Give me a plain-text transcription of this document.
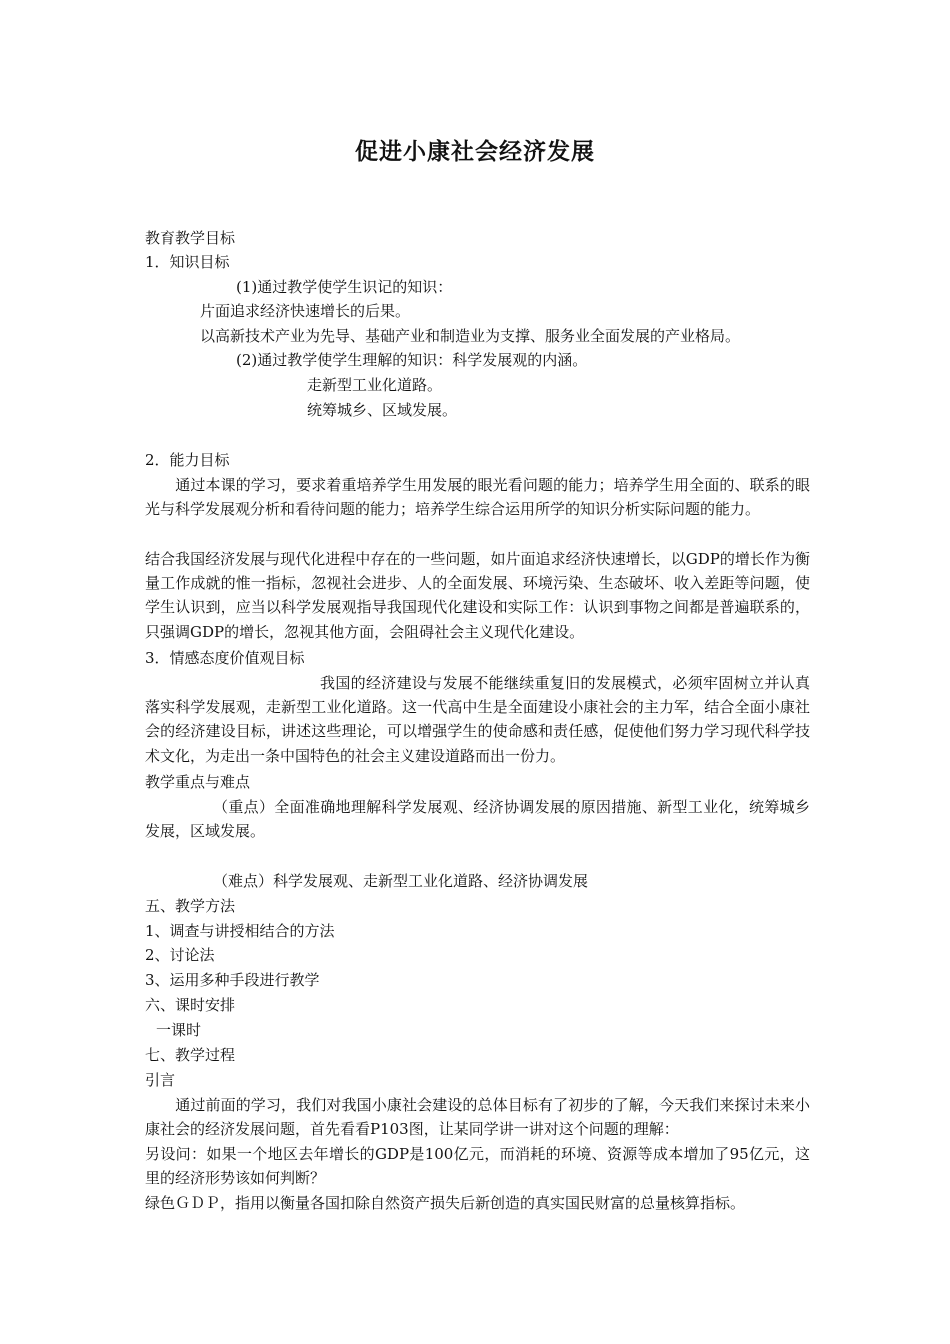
促进小康社会经济发展
教育教学目标
1．知识目标
(1)通过教学使学生识记的知识：
片面追求经济快速增长的后果。
以高新技术产业为先导、基础产业和制造业为支撑、服务业全面发展的产业格局。
(2)通过教学使学生理解的知识：科学发展观的内涵。
走新型工业化道路。
统筹城乡、区域发展。
2．能力目标
　　通过本课的学习，要求着重培养学生用发展的眼光看问题的能力；培养学生用全面的、联系的眼光与科学发展观分析和看待问题的能力；培养学生综合运用所学的知识分析实际问题的能力。
结合我国经济发展与现代化进程中存在的一些问题，如片面追求经济快速增长，以GDP的增长作为衡量工作成就的惟一指标，忽视社会进步、人的全面发展、环境污染、生态破坏、收入差距等问题，使学生认识到，应当以科学发展观指导我国现代化建设和实际工作：认识到事物之间都是普遍联系的，只强调GDP的增长，忽视其他方面，会阻碍社会主义现代化建设。
3．情感态度价值观目标
我国的经济建设与发展不能继续重复旧的发展模式，必须牢固树立并认真落实科学发展观，走新型工业化道路。这一代高中生是全面建设小康社会的主力军，结合全面小康社会的经济建设目标，讲述这些理论，可以增强学生的使命感和责任感，促使他们努力学习现代科学技术文化，为走出一条中国特色的社会主义建设道路而出一份力。
教学重点与难点
（重点）全面准确地理解科学发展观、经济协调发展的原因措施、新型工业化，统筹城乡发展，区域发展。
（难点）科学发展观、走新型工业化道路、经济协调发展
五、教学方法
1、调查与讲授相结合的方法
2、讨论法
3、运用多种手段进行教学
六、课时安排
一课时
七、教学过程
引言
　　通过前面的学习，我们对我国小康社会建设的总体目标有了初步的了解，今天我们来探讨未来小康社会的经济发展问题，首先看看P103图，让某同学讲一讲对这个问题的理解：
另设问：如果一个地区去年增长的GDP是100亿元，而消耗的环境、资源等成本增加了95亿元，这里的经济形势该如何判断？
绿色ＧＤＰ，指用以衡量各国扣除自然资产损失后新创造的真实国民财富的总量核算指标。
